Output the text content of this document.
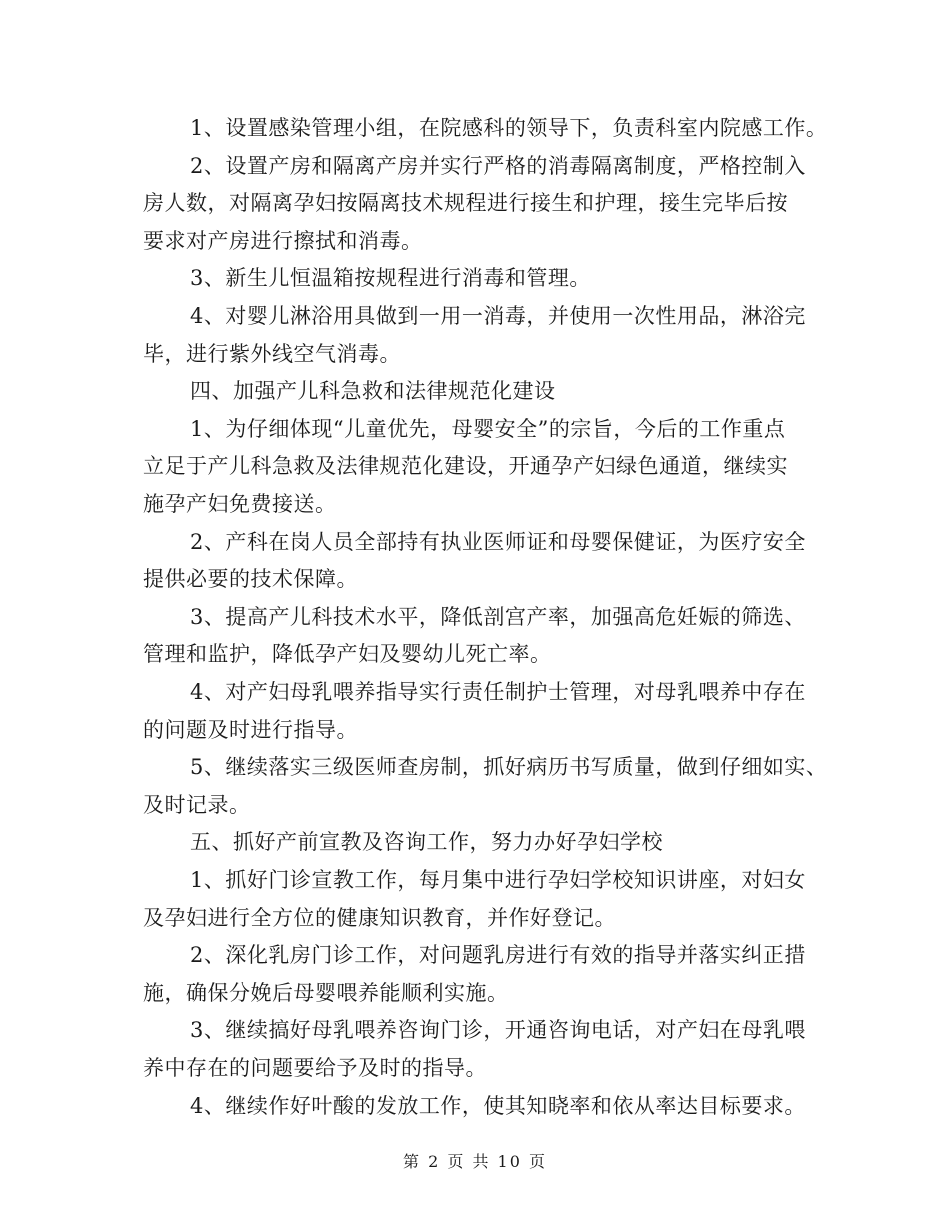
1、设置感染管理小组，在院感科的领导下，负责科室内院感工作。
2、设置产房和隔离产房并实行严格的消毒隔离制度，严格控制入
房人数，对隔离孕妇按隔离技术规程进行接生和护理，接生完毕后按
要求对产房进行擦拭和消毒。
3、新生儿恒温箱按规程进行消毒和管理。
4、对婴儿淋浴用具做到一用一消毒，并使用一次性用品，淋浴完
毕，进行紫外线空气消毒。
四、加强产儿科急救和法律规范化建设
1、为仔细体现“儿童优先，母婴安全”的宗旨，今后的工作重点
立足于产儿科急救及法律规范化建设，开通孕产妇绿色通道，继续实
施孕产妇免费接送。
2、产科在岗人员全部持有执业医师证和母婴保健证，为医疗安全
提供必要的技术保障。
3、提高产儿科技术水平，降低剖宫产率，加强高危妊娠的筛选、
管理和监护，降低孕产妇及婴幼儿死亡率。
4、对产妇母乳喂养指导实行责任制护士管理，对母乳喂养中存在
的问题及时进行指导。
5、继续落实三级医师查房制，抓好病历书写质量，做到仔细如实、
及时记录。
五、抓好产前宣教及咨询工作，努力办好孕妇学校
1、抓好门诊宣教工作，每月集中进行孕妇学校知识讲座，对妇女
及孕妇进行全方位的健康知识教育，并作好登记。
2、深化乳房门诊工作，对问题乳房进行有效的指导并落实纠正措
施，确保分娩后母婴喂养能顺利实施。
3、继续搞好母乳喂养咨询门诊，开通咨询电话，对产妇在母乳喂
养中存在的问题要给予及时的指导。
4、继续作好叶酸的发放工作，使其知晓率和依从率达目标要求。
第 2 页 共 10 页
